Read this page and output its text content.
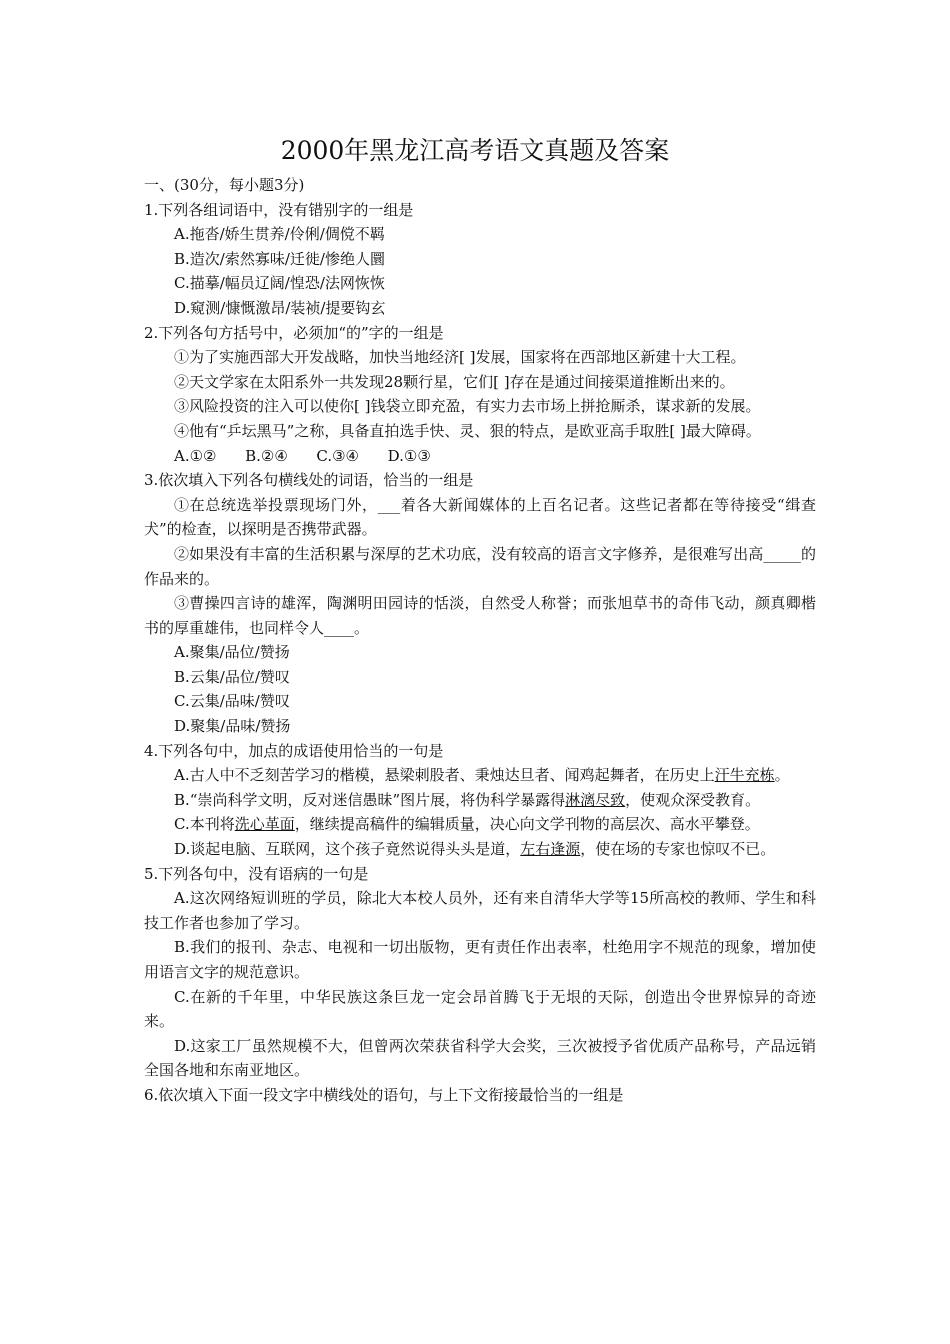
2000年黑龙江高考语文真题及答案

一、(30分，每小题3分)

1.下列各组词语中，没有错别字的一组是

A.拖沓/娇生贯养/伶俐/倜傥不羁

B.造次/索然寡味/迁徙/惨绝人圜

C.描摹/幅员辽阔/惶恐/法网恢恢

D.窥测/慷慨激昂/装祯/提要钩玄

2.下列各句方括号中，必须加“的”字的一组是

①为了实施西部大开发战略，加快当地经济[ ]发展，国家将在西部地区新建十大工程。

②天文学家在太阳系外一共发现28颗行星，它们[ ]存在是通过间接渠道推断出来的。

③风险投资的注入可以使你[ ]钱袋立即充盈，有实力去市场上拼抢厮杀，谋求新的发展。

④他有“乒坛黑马”之称，具备直拍选手快、灵、狠的特点，是欧亚高手取胜[ ]最大障碍。

A.①②      B.②④      C.③④      D.①③

3.依次填入下列各句横线处的词语，恰当的一组是

①在总统选举投票现场门外，___着各大新闻媒体的上百名记者。这些记者都在等待接受“缉查犬”的检查，以探明是否携带武器。

②如果没有丰富的生活积累与深厚的艺术功底，没有较高的语言文字修养，是很难写出高_____的作品来的。

③曹操四言诗的雄浑，陶渊明田园诗的恬淡，自然受人称誉；而张旭草书的奇伟飞动，颜真卿楷书的厚重雄伟，也同样令人____。

A.聚集/品位/赞扬

B.云集/品位/赞叹

C.云集/品味/赞叹

D.聚集/品味/赞扬

4.下列各句中，加点的成语使用恰当的一句是

A.古人中不乏刻苦学习的楷模，悬梁刺股者、秉烛达旦者、闻鸡起舞者，在历史上汗牛充栋。

B.“崇尚科学文明，反对迷信愚昧”图片展，将伪科学暴露得淋漓尽致，使观众深受教育。

C.本刊将洗心革面，继续提高稿件的编辑质量，决心向文学刊物的高层次、高水平攀登。

D.谈起电脑、互联网，这个孩子竟然说得头头是道，左右逢源，使在场的专家也惊叹不已。

5.下列各句中，没有语病的一句是

A.这次网络短训班的学员，除北大本校人员外，还有来自清华大学等15所高校的教师、学生和科技工作者也参加了学习。

B.我们的报刊、杂志、电视和一切出版物，更有责任作出表率，杜绝用字不规范的现象，增加使用语言文字的规范意识。

C.在新的千年里，中华民族这条巨龙一定会昂首腾飞于无垠的天际，创造出令世界惊异的奇迹来。

D.这家工厂虽然规模不大，但曾两次荣获省科学大会奖，三次被授予省优质产品称号，产品远销全国各地和东南亚地区。

6.依次填入下面一段文字中横线处的语句，与上下文衔接最恰当的一组是
